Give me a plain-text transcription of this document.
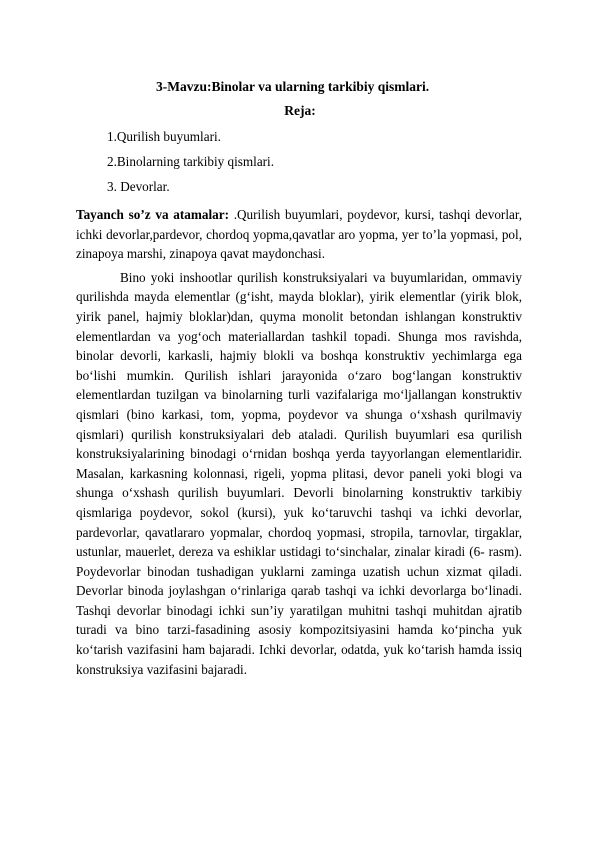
3-Mavzu:Binolar va ularning tarkibiy qismlari.
Reja:
1.Qurilish buyumlari.
2.Binolarning tarkibiy qismlari.
3. Devorlar.

Tayanch so’z va atamalar: .Qurilish buyumlari, poydevor, kursi, tashqi devorlar, ichki devorlar,pardevor, chordoq yopma,qavatlar aro yopma, yer to’la yopmasi, pol, zinapoya marshi, zinapoya qavat maydonchasi.

Bino yoki inshootlar qurilish konstruksiyalari va buyumlaridan, ommaviy qurilishda mayda elementlar (g‘isht, mayda bloklar), yirik elementlar (yirik blok, yirik panel, hajmiy bloklar)dan, quyma monolit betondan ishlangan konstruktiv elementlardan va yog‘och materiallardan tashkil topadi. Shunga mos ravishda, binolar devorli, karkasli, hajmiy blokli va boshqa konstruktiv yechimlarga ega bo‘lishi mumkin. Qurilish ishlari jarayonida o‘zaro bog‘langan konstruktiv elementlardan tuzilgan va binolarning turli vazifalariga mo‘ljallangan konstruktiv qismlari (bino karkasi, tom, yopma, poydevor va shunga o‘xshash qurilmaviy qismlari) qurilish konstruksiyalari deb ataladi. Qurilish buyumlari esa qurilish konstruksiyalarining binodagi o‘rnidan boshqa yerda tayyorlangan elementlaridir. Masalan, karkasning kolonnasi, rigeli, yopma plitasi, devor paneli yoki blogi va shunga o‘xshash qurilish buyumlari. Devorli binolarning konstruktiv tarkibiy qismlariga poydevor, sokol (kursi), yuk ko‘taruvchi tashqi va ichki devorlar, pardevorlar, qavatlararo yopmalar, chordoq yopmasi, stropila, tarnovlar, tirgaklar, ustunlar, mauerlet, dereza va eshiklar ustidagi to‘sinchalar, zinalar kiradi (6- rasm). Poydevorlar binodan tushadigan yuklarni zaminga uzatish uchun xizmat qiladi. Devorlar binoda joylashgan o‘rinlariga qarab tashqi va ichki devorlarga bo‘linadi. Tashqi devorlar binodagi ichki sun’iy yaratilgan muhitni tashqi muhitdan ajratib turadi va bino tarzi-fasadining asosiy kompozitsiyasini hamda ko‘pincha yuk ko‘tarish vazifasini ham bajaradi. Ichki devorlar, odatda, yuk ko‘tarish hamda issiq konstruksiya vazifasini bajaradi.
